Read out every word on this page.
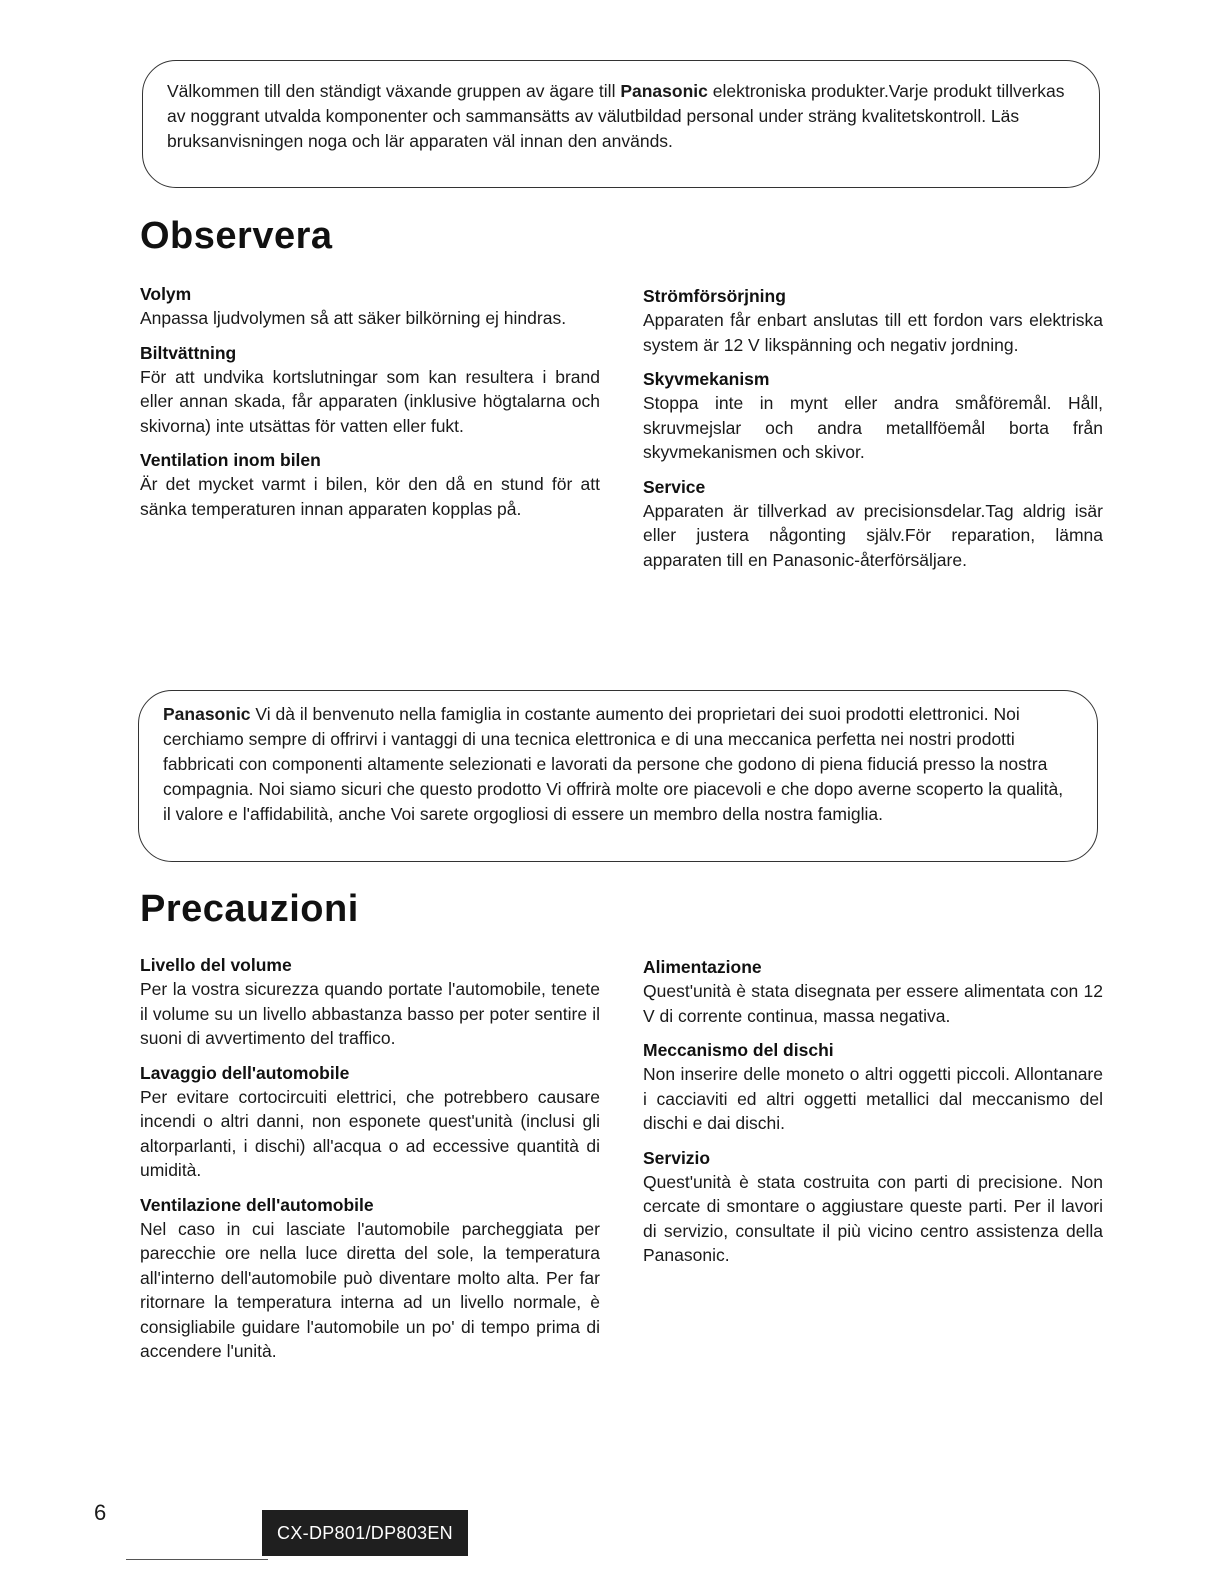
Välkommen till den ständigt växande gruppen av ägare till Panasonic elektroniska produkter.Varje produkt tillverkas av noggrant utvalda komponenter och sammansätts av välutbildad personal under sträng kvalitetskontroll. Läs bruksanvisningen noga och lär apparaten väl innan den används.

Observera
Volym

Anpassa ljudvolymen så att säker bilkörning ej hindras.

Biltvättning

För att undvika kortslutningar som kan resultera i brand eller annan skada, får apparaten (inklusive högtalarna och skivorna) inte utsättas för vatten eller fukt.

Ventilation inom bilen

Är det mycket varmt i bilen, kör den då en stund för att sänka temperaturen innan apparaten kopplas på.

Strömförsörjning

Apparaten får enbart anslutas till ett fordon vars elektriska system är 12 V likspänning och negativ jordning.

Skyvmekanism

Stoppa inte in mynt eller andra småföremål. Håll, skruvmejslar och andra metallföemål borta från skyvmekanismen och skivor.

Service

Apparaten är tillverkad av precisionsdelar.Tag aldrig isär eller justera någonting själv.För reparation, lämna apparaten till en Panasonic-återförsäljare.

Panasonic Vi dà il benvenuto nella famiglia in costante aumento dei proprietari dei suoi prodotti elettronici. Noi cerchiamo sempre di offrirvi i vantaggi di una tecnica elettronica e di una meccanica perfetta nei nostri prodotti fabbricati con componenti altamente selezionati e lavorati da persone che godono di piena fiduciá presso la nostra compagnia. Noi siamo sicuri che questo prodotto Vi offrirà molte ore piacevoli e che dopo averne scoperto la qualità, il valore e l'affidabilità, anche Voi sarete orgogliosi di essere un membro della nostra famiglia.

Precauzioni
Livello del volume

Per la vostra sicurezza quando portate l'automobile, tenete il volume su un livello abbastanza basso per poter sentire il suoni di avvertimento del traffico.

Lavaggio dell'automobile

Per evitare cortocircuiti elettrici, che potrebbero causare incendi o altri danni, non esponete quest'unità (inclusi gli altorparlanti, i dischi) all'acqua o ad eccessive quantità di umidità.

Ventilazione dell'automobile

Nel caso in cui lasciate l'automobile parcheggiata per parecchie ore nella luce diretta del sole, la temperatura all'interno dell'automobile può diventare molto alta. Per far ritornare la temperatura interna ad un livello normale, è consigliabile guidare l'automobile un po' di tempo prima di accendere l'unità.

Alimentazione

Quest'unità è stata disegnata per essere alimentata con 12 V di corrente continua, massa negativa.

Meccanismo del dischi

Non inserire delle moneto o altri oggetti piccoli. Allontanare i cacciaviti ed altri oggetti metallici dal meccanismo del dischi e dai dischi.

Servizio

Quest'unità è stata costruita con parti di precisione. Non cercate di smontare o aggiustare queste parti. Per il lavori di servizio, consultate il più vicino centro assistenza della Panasonic.

6
CX-DP801/DP803EN
